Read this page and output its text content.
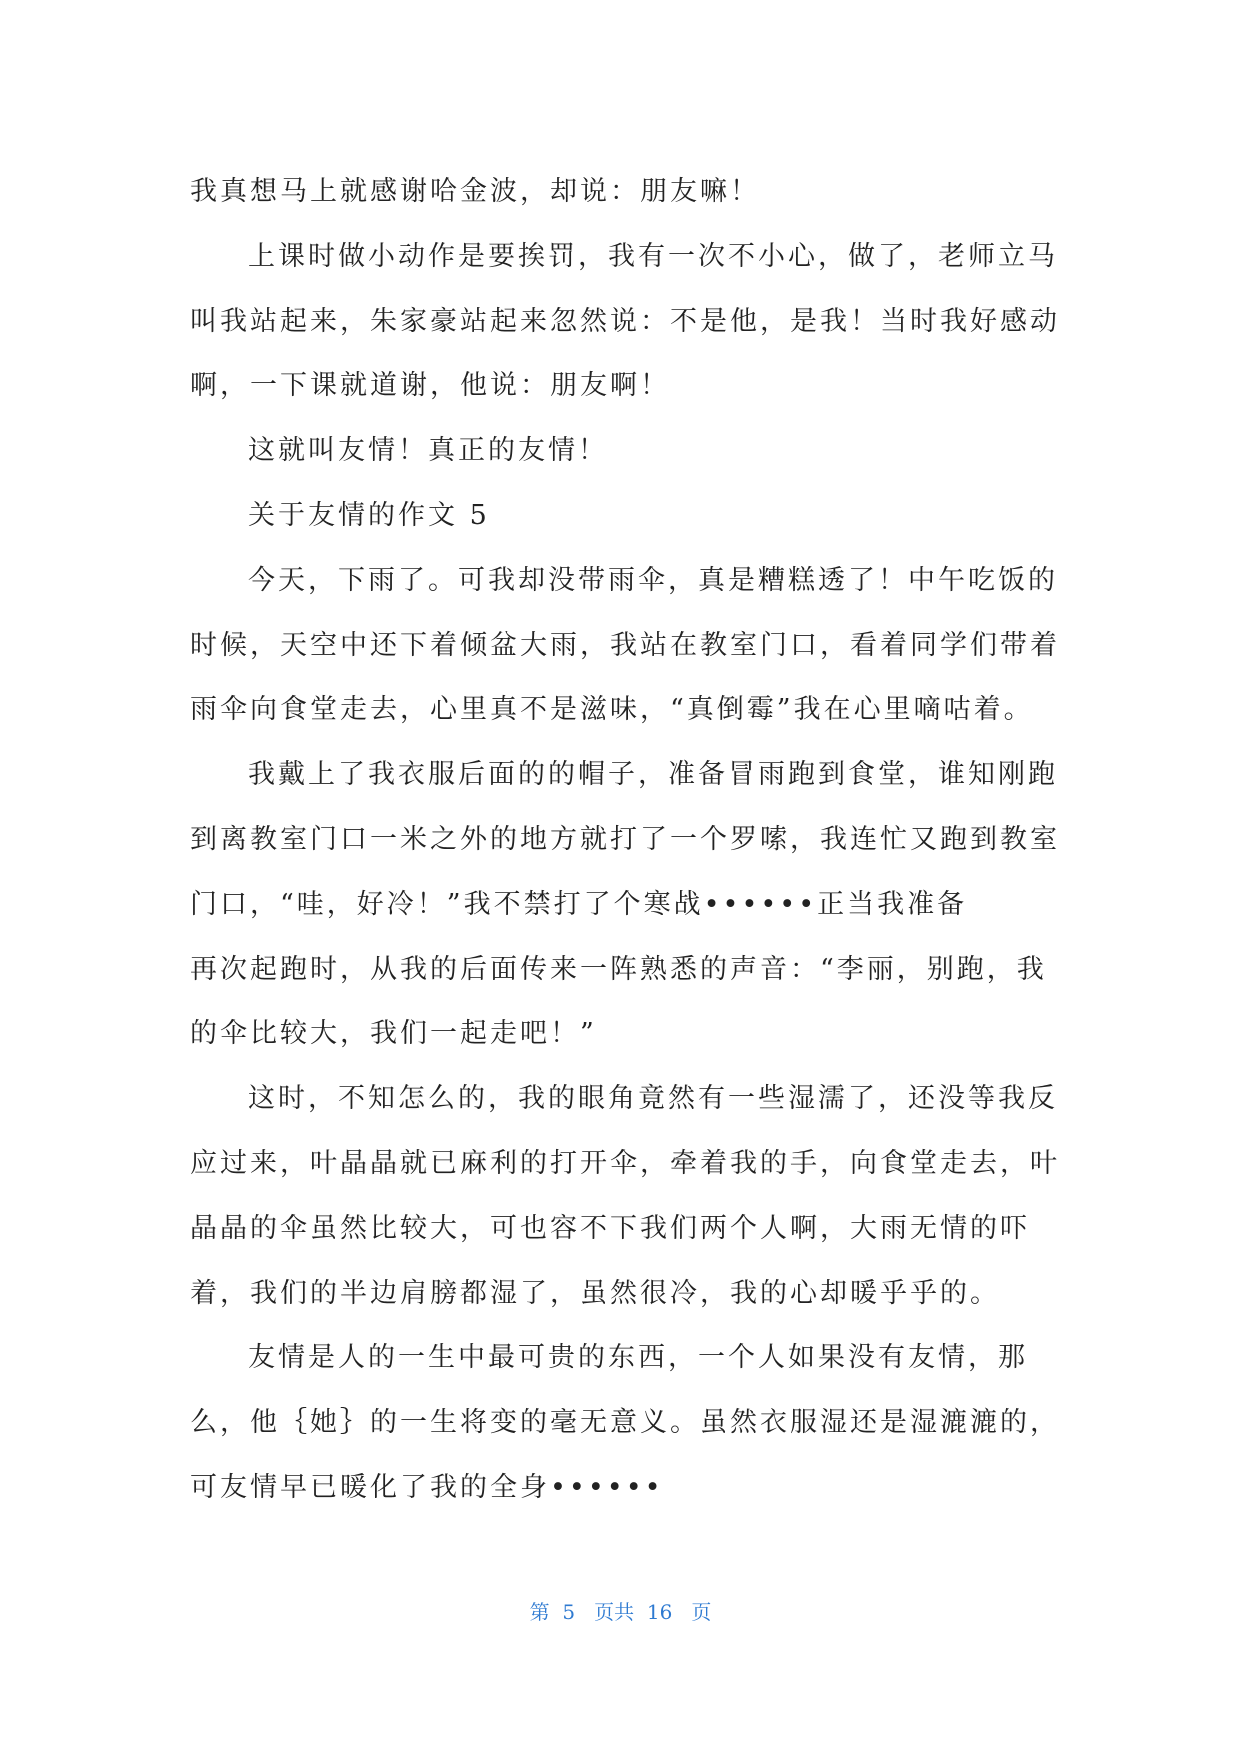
我真想马上就感谢哈金波，却说：朋友嘛！
上课时做小动作是要挨罚，我有一次不小心，做了，老师立马
叫我站起来，朱家豪站起来忽然说：不是他，是我！当时我好感动
啊，一下课就道谢，他说：朋友啊！
这就叫友情！真正的友情！
关于友情的作文 5
今天，下雨了。可我却没带雨伞，真是糟糕透了！中午吃饭的
时候，天空中还下着倾盆大雨，我站在教室门口，看着同学们带着
雨伞向食堂走去，心里真不是滋味，“真倒霉”我在心里嘀咕着。
我戴上了我衣服后面的的帽子，准备冒雨跑到食堂，谁知刚跑
到离教室门口一米之外的地方就打了一个罗嗦，我连忙又跑到教室
门口，“哇，好冷！”我不禁打了个寒战••••••正当我准备
再次起跑时，从我的后面传来一阵熟悉的声音：“李丽，别跑，我
的伞比较大，我们一起走吧！”
这时，不知怎么的，我的眼角竟然有一些湿濡了，还没等我反
应过来，叶晶晶就已麻利的打开伞，牵着我的手，向食堂走去，叶
晶晶的伞虽然比较大，可也容不下我们两个人啊，大雨无情的吓
着，我们的半边肩膀都湿了，虽然很冷，我的心却暖乎乎的。
友情是人的一生中最可贵的东西，一个人如果没有友情，那
么，他｛她｝的一生将变的毫无意义。虽然衣服湿还是湿漉漉的，
可友情早已暖化了我的全身••••••
第  5   页共  16   页
